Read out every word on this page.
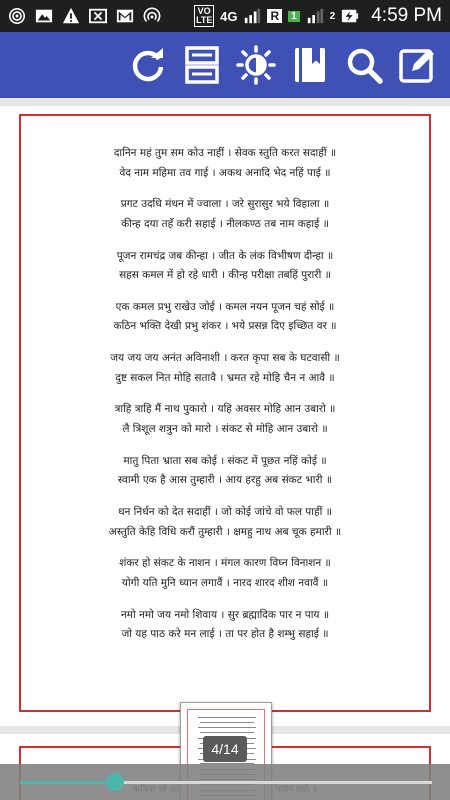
VO LTE 4G	R	1	2 4:59 PM
दानिन महं तुम सम कोउ नाहीं । सेवक स्तुति करत सदाहीं ॥
वेद नाम महिमा तव गाई । अकथ अनादि भेद नहिं पाई ॥
प्रगट उदधि मंथन में ज्वाला । जरे सुरासुर भये विहाला ॥
कीन्ह दया तहँ करी सहाई । नीलकण्ठ तब नाम कहाई ॥
पूजन रामचंद्र जब कीन्हा । जीत के लंक विभीषण दीन्हा ॥
सहस कमल में हो रहे धारी । कीन्ह परीक्षा तबहिं पुरारी ॥
एक कमल प्रभु राखेउ जोई । कमल नयन पूजन चहं सोई ॥
कठिन भक्ति देखी प्रभु शंकर । भये प्रसन्न दिए इच्छित वर ॥
जय जय जय अनंत अविनाशी । करत कृपा सब के घटवासी ॥
दुष्ट सकल नित मोहि सतावै । भ्रमत रहे मोहि चैन न आवै ॥
त्राहि त्राहि मैं नाथ पुकारो । यहि अवसर मोहि आन उबारो ॥
लै त्रिशूल शत्रुन को मारो । संकट से मोहि आन उबारो ॥
मातु पिता भ्राता सब कोई । संकट में पूछत नहिं कोई ॥
स्वामी एक है आस तुम्हारी । आय हरहु अब संकट भारी ॥
धन निर्धन को देत सदाहीं । जो कोई जांचे वो फल पाहीं ॥
अस्तुति केहि विधि करौं तुम्हारी । क्षमहु नाथ अब चूक हमारी ॥
शंकर हो संकट के नाशन । मंगल कारण विघ्न विनाशन ॥
योगी यति मुनि ध्यान लगावैं । नारद शारद शीश नवावैं ॥
नमो नमो जय नमो शिवाय । सुर ब्रह्मादिक पार न पाय ॥
जो यह पाठ करे मन लाई । ता पर होत है शम्भु सहाई ॥
4/14
